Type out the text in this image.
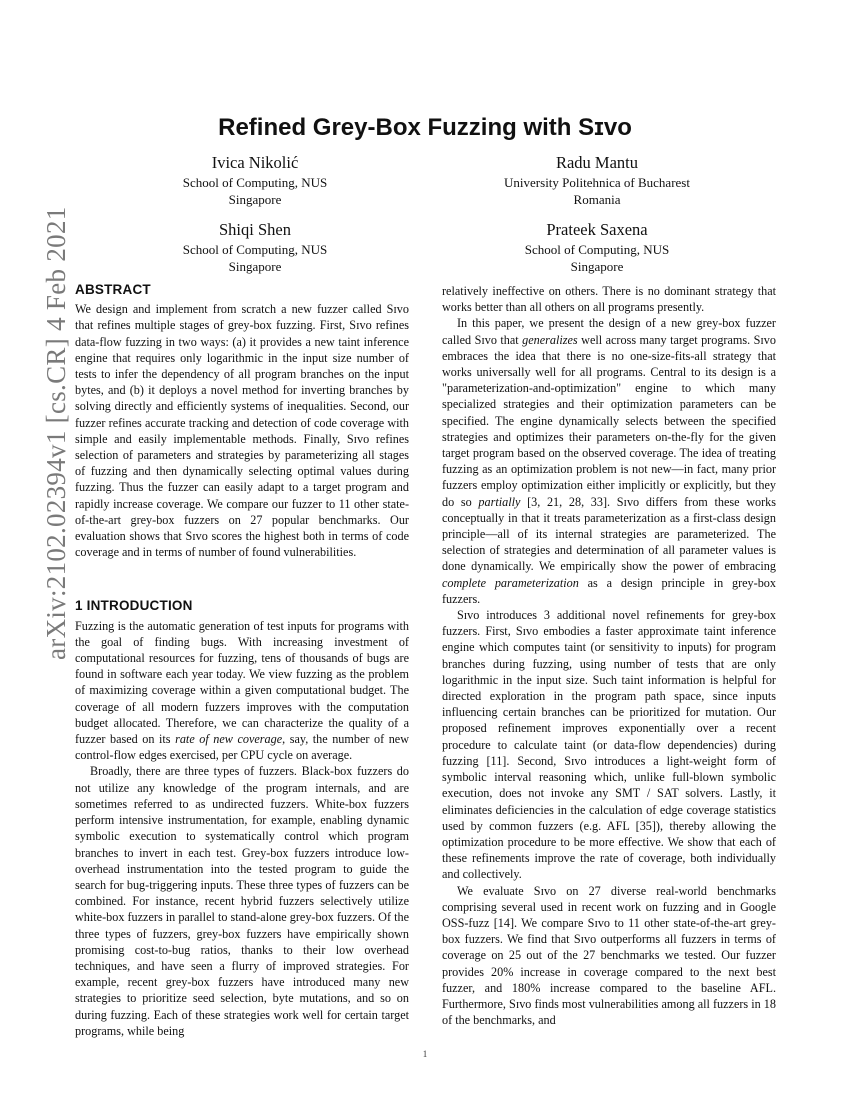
arXiv:2102.02394v1 [cs.CR] 4 Feb 2021
Refined Grey-Box Fuzzing with Sɪᴠᴏ
Ivica Nikolić
School of Computing, NUS
Singapore
Radu Mantu
University Politehnica of Bucharest
Romania
Shiqi Shen
School of Computing, NUS
Singapore
Prateek Saxena
School of Computing, NUS
Singapore
ABSTRACT

We design and implement from scratch a new fuzzer called Sɪᴠᴏ that refines multiple stages of grey-box fuzzing. First, Sɪᴠᴏ refines data-flow fuzzing in two ways: (a) it provides a new taint inference engine that requires only logarithmic in the input size number of tests to infer the dependency of all program branches on the input bytes, and (b) it deploys a novel method for inverting branches by solving directly and efficiently systems of inequalities. Second, our fuzzer refines accurate tracking and detection of code coverage with simple and easily implementable methods. Finally, Sɪᴠᴏ refines selection of parameters and strategies by parameterizing all stages of fuzzing and then dynamically selecting optimal values during fuzzing. Thus the fuzzer can easily adapt to a target program and rapidly increase coverage. We compare our fuzzer to 11 other state-of-the-art grey-box fuzzers on 27 popular benchmarks. Our evaluation shows that Sɪᴠᴏ scores the highest both in terms of code coverage and in terms of number of found vulnerabilities.

1 INTRODUCTION

Fuzzing is the automatic generation of test inputs for programs with the goal of finding bugs. With increasing investment of computational resources for fuzzing, tens of thousands of bugs are found in software each year today. We view fuzzing as the problem of maximizing coverage within a given computational budget. The coverage of all modern fuzzers improves with the computation budget allocated. Therefore, we can characterize the quality of a fuzzer based on its rate of new coverage, say, the number of new control-flow edges exercised, per CPU cycle on average.

Broadly, there are three types of fuzzers. Black-box fuzzers do not utilize any knowledge of the program internals, and are sometimes referred to as undirected fuzzers. White-box fuzzers perform intensive instrumentation, for example, enabling dynamic symbolic execution to systematically control which program branches to invert in each test. Grey-box fuzzers introduce low-overhead instrumentation into the tested program to guide the search for bug-triggering inputs. These three types of fuzzers can be combined. For instance, recent hybrid fuzzers selectively utilize white-box fuzzers in parallel to stand-alone grey-box fuzzers. Of the three types of fuzzers, grey-box fuzzers have empirically shown promising cost-to-bug ratios, thanks to their low overhead techniques, and have seen a flurry of improved strategies. For example, recent grey-box fuzzers have introduced many new strategies to prioritize seed selection, byte mutations, and so on during fuzzing. Each of these strategies work well for certain target programs, while being

relatively ineffective on others. There is no dominant strategy that works better than all others on all programs presently.

In this paper, we present the design of a new grey-box fuzzer called Sɪᴠᴏ that generalizes well across many target programs. Sɪᴠᴏ embraces the idea that there is no one-size-fits-all strategy that works universally well for all programs. Central to its design is a "parameterization-and-optimization" engine to which many specialized strategies and their optimization parameters can be specified. The engine dynamically selects between the specified strategies and optimizes their parameters on-the-fly for the given target program based on the observed coverage. The idea of treating fuzzing as an optimization problem is not new—in fact, many prior fuzzers employ optimization either implicitly or explicitly, but they do so partially [3, 21, 28, 33]. Sɪᴠᴏ differs from these works conceptually in that it treats parameterization as a first-class design principle—all of its internal strategies are parameterized. The selection of strategies and determination of all parameter values is done dynamically. We empirically show the power of embracing complete parameterization as a design principle in grey-box fuzzers.

Sɪᴠᴏ introduces 3 additional novel refinements for grey-box fuzzers. First, Sɪᴠᴏ embodies a faster approximate taint inference engine which computes taint (or sensitivity to inputs) for program branches during fuzzing, using number of tests that are only logarithmic in the input size. Such taint information is helpful for directed exploration in the program path space, since inputs influencing certain branches can be prioritized for mutation. Our proposed refinement improves exponentially over a recent procedure to calculate taint (or data-flow dependencies) during fuzzing [11]. Second, Sɪᴠᴏ introduces a light-weight form of symbolic interval reasoning which, unlike full-blown symbolic execution, does not invoke any SMT / SAT solvers. Lastly, it eliminates deficiencies in the calculation of edge coverage statistics used by common fuzzers (e.g. AFL [35]), thereby allowing the optimization procedure to be more effective. We show that each of these refinements improve the rate of coverage, both individually and collectively.

We evaluate Sɪᴠᴏ on 27 diverse real-world benchmarks comprising several used in recent work on fuzzing and in Google OSS-fuzz [14]. We compare Sɪᴠᴏ to 11 other state-of-the-art grey-box fuzzers. We find that Sɪᴠᴏ outperforms all fuzzers in terms of coverage on 25 out of the 27 benchmarks we tested. Our fuzzer provides 20% increase in coverage compared to the next best fuzzer, and 180% increase compared to the baseline AFL. Furthermore, Sɪᴠᴏ finds most vulnerabilities among all fuzzers in 18 of the benchmarks, and

1
